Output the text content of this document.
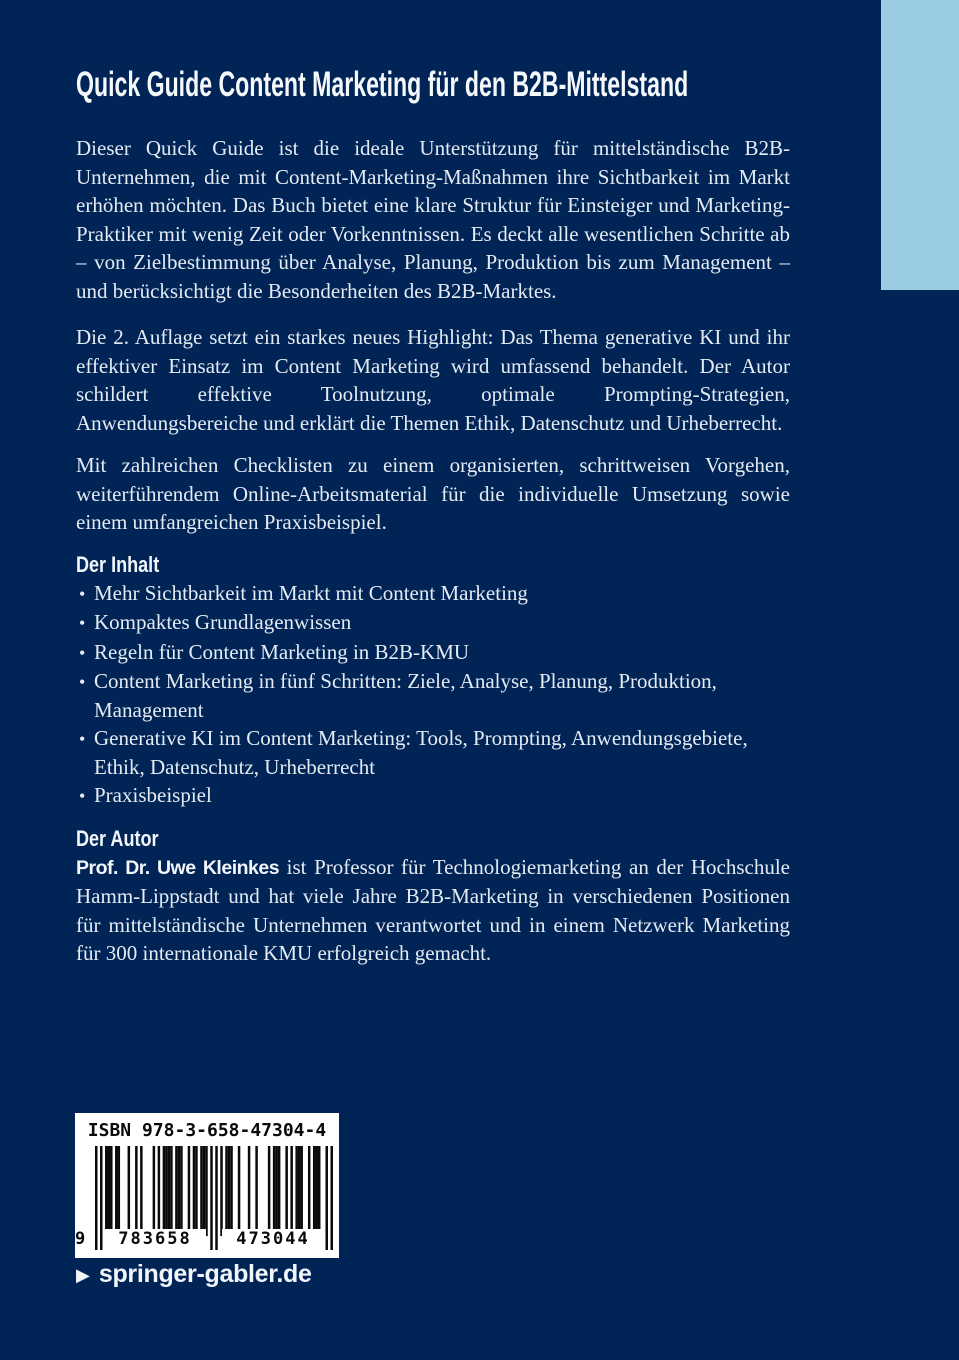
Quick Guide Content Marketing für den B2B-Mittelstand

Dieser Quick Guide ist die ideale Unterstützung für mittelständische B2B-Unternehmen, die mit Content-Marketing-Maßnahmen ihre Sichtbarkeit im Markt erhöhen möchten. Das Buch bietet eine klare Struktur für Einsteiger und Marketing-Praktiker mit wenig Zeit oder Vorkenntnissen. Es deckt alle wesentlichen Schritte ab – von Zielbestimmung über Analyse, Planung, Produktion bis zum Management – und berücksichtigt die Besonderheiten des B2B-Marktes.

Die 2. Auflage setzt ein starkes neues Highlight: Das Thema generative KI und ihr effektiver Einsatz im Content Marketing wird umfassend behandelt. Der Autor schildert effektive Toolnutzung, optimale Prompting-Strategien, Anwendungsbereiche und erklärt die Themen Ethik, Datenschutz und Urheberrecht.

Mit zahlreichen Checklisten zu einem organisierten, schrittweisen Vorgehen, weiterführendem Online-Arbeitsmaterial für die individuelle Umsetzung sowie einem umfangreichen Praxisbeispiel.

Der Inhalt
•
Mehr Sichtbarkeit im Markt mit Content Marketing
•
Kompaktes Grundlagenwissen
•
Regeln für Content Marketing in B2B-KMU
•
Content Marketing in fünf Schritten: Ziele, Analyse, Planung, Produktion, Management
•
Generative KI im Content Marketing: Tools, Prompting, Anwendungsgebiete, Ethik, Datenschutz, Urheberrecht
•
Praxisbeispiel
Der Autor

Prof. Dr. Uwe Kleinkes ist Professor für Technologiemarketing an der Hochschule Hamm-Lippstadt und hat viele Jahre B2B-Marketing in verschiedenen Positionen für mittelständische Unternehmen verantwortet und in einem Netzwerk Marketing für 300 internationale KMU erfolgreich gemacht.

ISBN 978-3-658-47304-4
9	783658	473044
▶ springer-gabler.de
